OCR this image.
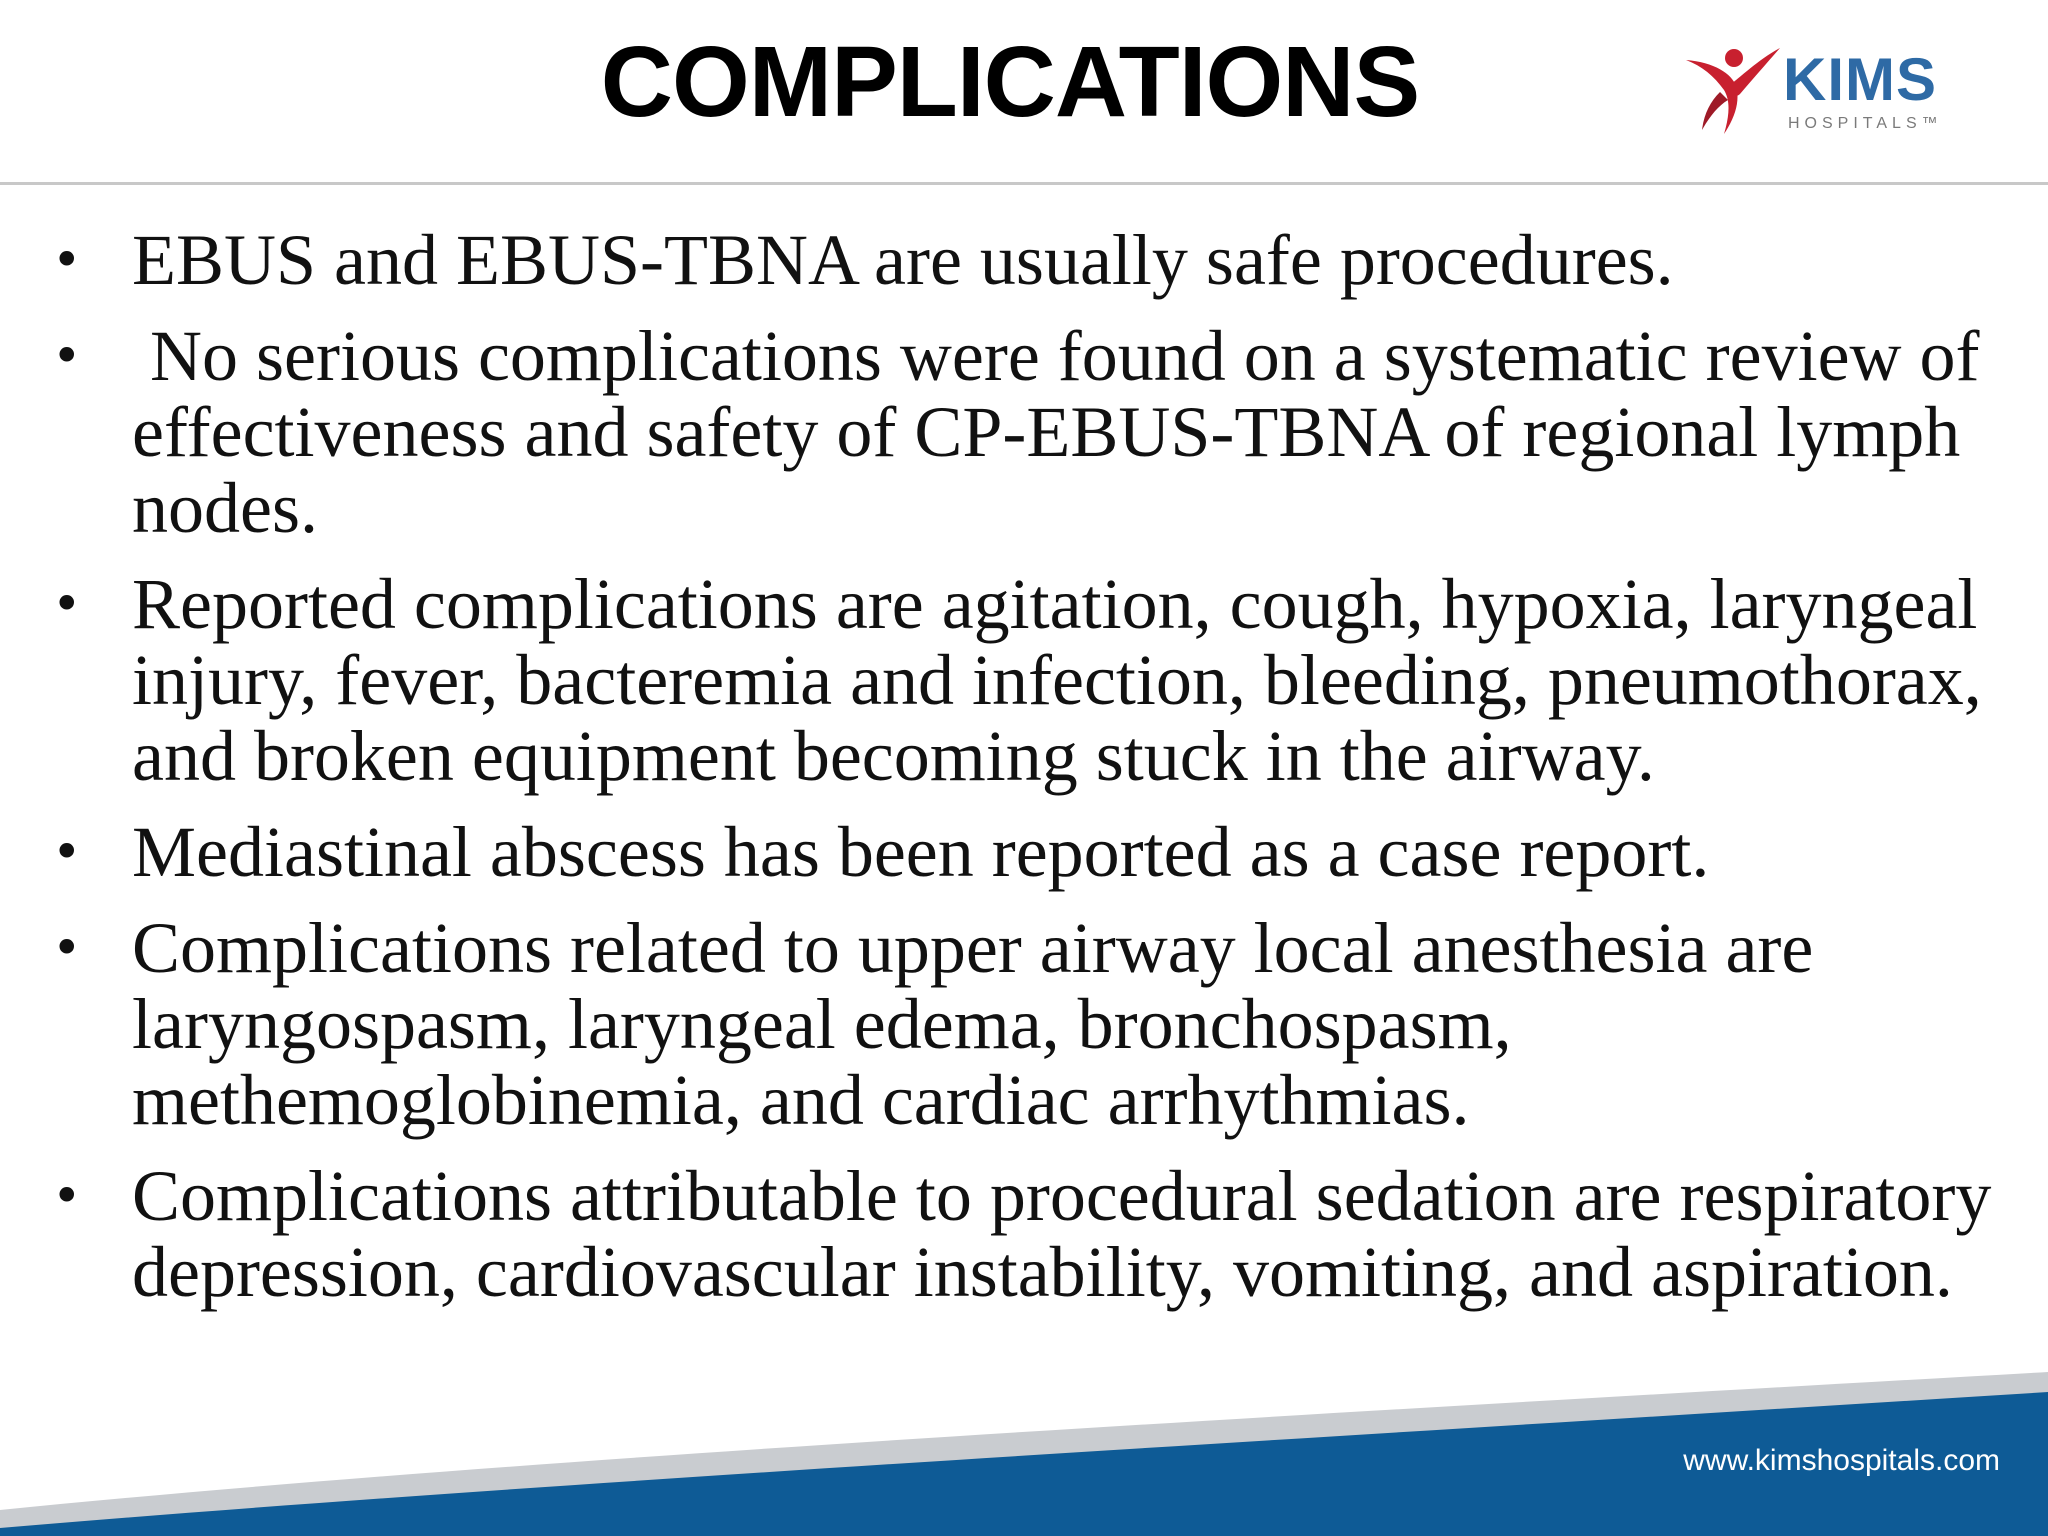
COMPLICATIONS	KIMS
HOSPITALS™
• EBUS and EBUS-TBNA are usually safe procedures.
• No serious complications were found on a systematic review of effectiveness and safety of CP-EBUS-TBNA of regional lymph nodes.
• Reported complications are agitation, cough, hypoxia, laryngeal injury, fever, bacteremia and infection, bleeding, pneumothorax, and broken equipment becoming stuck in the airway.
• Mediastinal abscess has been reported as a case report.
• Complications related to upper airway local anesthesia are laryngospasm, laryngeal edema, bronchospasm, methemoglobinemia, and cardiac arrhythmias.
• Complications attributable to procedural sedation are respiratory depression, cardiovascular instability, vomiting, and aspiration.
www.kimshospitals.com
